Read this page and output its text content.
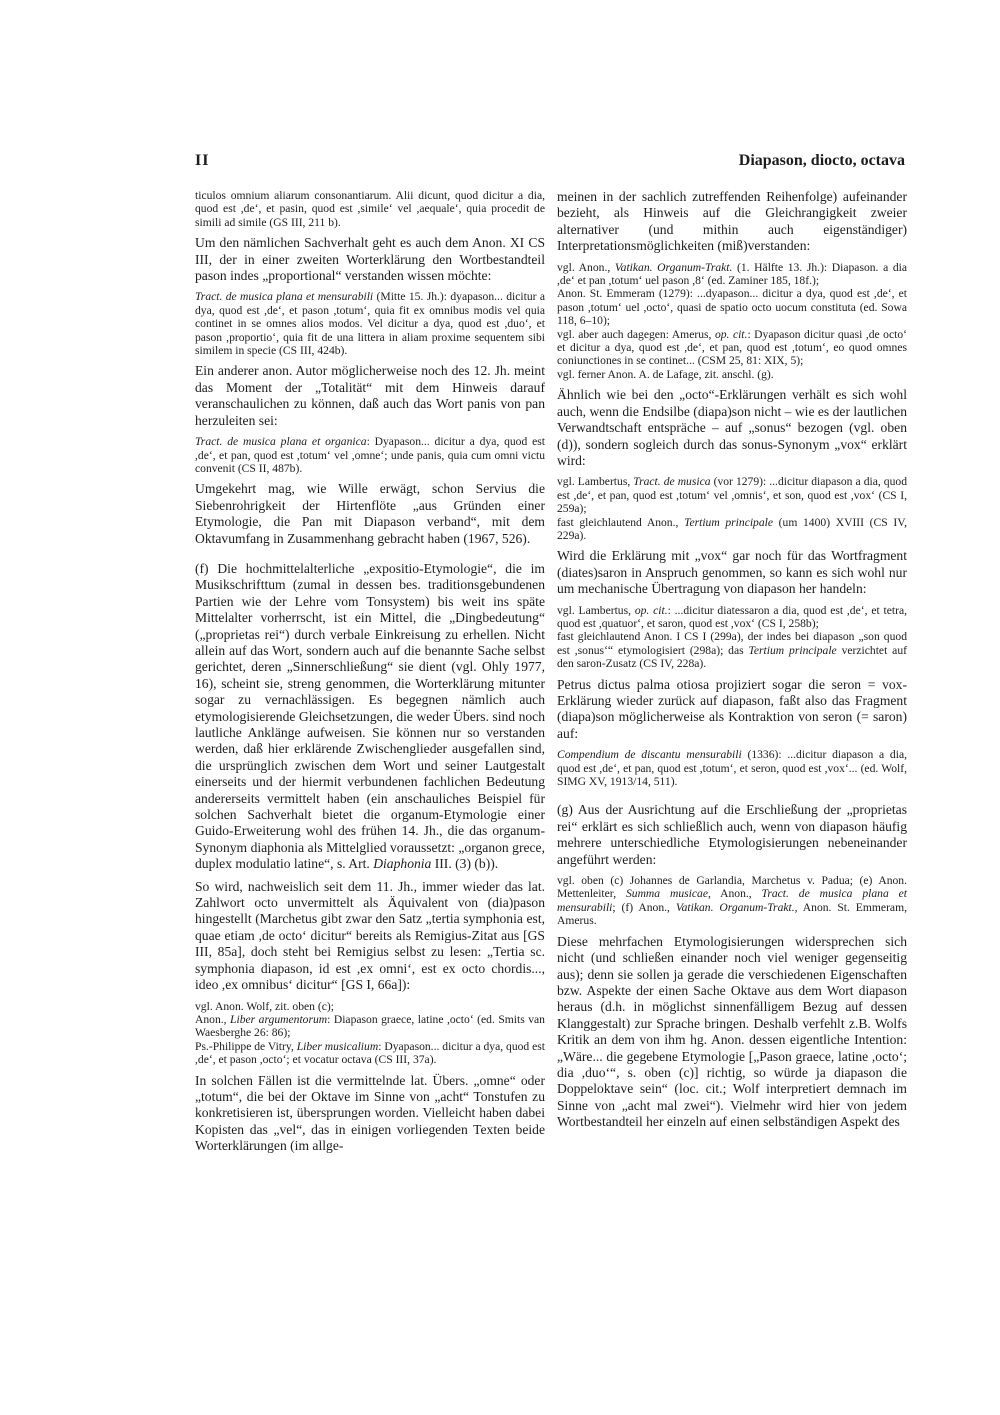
II	Diapason, diocto, octava

ticulos omnium aliarum consonantiarum. Alii dicunt, quod dicitur a dia, quod est ,de‘, et pasin, quod est ,simile‘ vel ,aequale‘, quia procedit de simili ad simile (GS III, 211 b).

Um den nämlichen Sachverhalt geht es auch dem Anon. XI CS III, der in einer zweiten Worterklärung den Wortbestandteil pason indes „proportional“ verstanden wissen möchte:

Tract. de musica plana et mensurabili (Mitte 15. Jh.): dyapason... dicitur a dya, quod est ,de‘, et pason ,totum‘, quia fit ex omnibus modis vel quia continet in se omnes alios modos. Vel dicitur a dya, quod est ,duo‘, et pason ,proportio‘, quia fit de una littera in aliam proxime sequentem sibi similem in specie (CS III, 424b).

Ein anderer anon. Autor möglicherweise noch des 12. Jh. meint das Moment der „Totalität“ mit dem Hinweis darauf veranschaulichen zu können, daß auch das Wort panis von pan herzuleiten sei:

Tract. de musica plana et organica: Dyapason... dicitur a dya, quod est ,de‘, et pan, quod est ,totum‘ vel ,omne‘; unde panis, quia cum omni victu convenit (CS II, 487b).

Umgekehrt mag, wie Wille erwägt, schon Servius die Siebenrohrigkeit der Hirtenflöte „aus Gründen einer Etymologie, die Pan mit Diapason verband“, mit dem Oktavumfang in Zusammenhang gebracht haben (1967, 526).

(f) Die hochmittelalterliche „expositio-Etymologie“, die im Musikschrifttum (zumal in dessen bes. traditionsgebundenen Partien wie der Lehre vom Tonsystem) bis weit ins späte Mittelalter vorherrscht, ist ein Mittel, die „Dingbedeutung“ („proprietas rei“) durch verbale Einkreisung zu erhellen. Nicht allein auf das Wort, sondern auch auf die benannte Sache selbst gerichtet, deren „Sinnerschließung“ sie dient (vgl. Ohly 1977, 16), scheint sie, streng genommen, die Worterklärung mitunter sogar zu vernachlässigen. Es begegnen nämlich auch etymologisierende Gleichsetzungen, die weder Übers. sind noch lautliche Anklänge aufweisen. Sie können nur so verstanden werden, daß hier erklärende Zwischenglieder ausgefallen sind, die ursprünglich zwischen dem Wort und seiner Lautgestalt einerseits und der hiermit verbundenen fachlichen Bedeutung andererseits vermittelt haben (ein anschauliches Beispiel für solchen Sachverhalt bietet die organum-Etymologie einer Guido-Erweiterung wohl des frühen 14. Jh., die das organum-Synonym diaphonia als Mittelglied voraussetzt: „organon grece, duplex modulatio latine“, s. Art. Diaphonia III. (3) (b)).

So wird, nachweislich seit dem 11. Jh., immer wieder das lat. Zahlwort octo unvermittelt als Äquivalent von (dia)pason hingestellt (Marchetus gibt zwar den Satz „tertia symphonia est, quae etiam ,de octo‘ dicitur“ bereits als Remigius-Zitat aus [GS III, 85a], doch steht bei Remigius selbst zu lesen: „Tertia sc. symphonia diapason, id est ,ex omni‘, est ex octo chordis..., ideo ,ex omnibus‘ dicitur“ [GS I, 66a]):

vgl. Anon. Wolf, zit. oben (c);

Anon., Liber argumentorum: Diapason graece, latine ,octo‘ (ed. Smits van Waesberghe 26: 86);

Ps.-Philippe de Vitry, Liber musicalium: Dyapason... dicitur a dya, quod est ,de‘, et pason ,octo‘; et vocatur octava (CS III, 37a).

In solchen Fällen ist die vermittelnde lat. Übers. „omne“ oder „totum“, die bei der Oktave im Sinne von „acht“ Tonstufen zu konkretisieren ist, übersprungen worden. Vielleicht haben dabei Kopisten das „vel“, das in einigen vorliegenden Texten beide Worterklärungen (im allge-

meinen in der sachlich zutreffenden Reihenfolge) aufeinander bezieht, als Hinweis auf die Gleichrangigkeit zweier alternativer (und mithin auch eigenständiger) Interpretationsmöglichkeiten (miß)verstanden:

vgl. Anon., Vatikan. Organum-Trakt. (1. Hälfte 13. Jh.): Diapason. a dia ,de‘ et pan ,totum‘ uel pason ,8‘ (ed. Zaminer 185, 18f.);

Anon. St. Emmeram (1279): ...dyapason... dicitur a dya, quod est ,de‘, et pason ,totum‘ uel ,octo‘, quasi de spatio octo uocum constituta (ed. Sowa 118, 6–10);

vgl. aber auch dagegen: Amerus, op. cit.: Dyapason dicitur quasi ,de octo‘ et dicitur a dya, quod est ,de‘, et pan, quod est ,totum‘, eo quod omnes coniunctiones in se continet... (CSM 25, 81: XIX, 5);

vgl. ferner Anon. A. de Lafage, zit. anschl. (g).

Ähnlich wie bei den „octo“-Erklärungen verhält es sich wohl auch, wenn die Endsilbe (diapa)son nicht – wie es der lautlichen Verwandtschaft entspräche – auf „sonus“ bezogen (vgl. oben (d)), sondern sogleich durch das sonus-Synonym „vox“ erklärt wird:

vgl. Lambertus, Tract. de musica (vor 1279): ...dicitur diapason a dia, quod est ,de‘, et pan, quod est ,totum‘ vel ,omnis‘, et son, quod est ,vox‘ (CS I, 259a);

fast gleichlautend Anon., Tertium principale (um 1400) XVIII (CS IV, 229a).

Wird die Erklärung mit „vox“ gar noch für das Wortfragment (diates)saron in Anspruch genommen, so kann es sich wohl nur um mechanische Übertragung von diapason her handeln:

vgl. Lambertus, op. cit.: ...dicitur diatessaron a dia, quod est ,de‘, et tetra, quod est ,quatuor‘, et saron, quod est ,vox‘ (CS I, 258b);

fast gleichlautend Anon. I CS I (299a), der indes bei diapason „son quod est ,sonus‘“ etymologisiert (298a); das Tertium principale verzichtet auf den saron-Zusatz (CS IV, 228a).

Petrus dictus palma otiosa projiziert sogar die seron = vox-Erklärung wieder zurück auf diapason, faßt also das Fragment (diapa)son möglicherweise als Kontraktion von seron (= saron) auf:

Compendium de discantu mensurabili (1336): ...dicitur diapason a dia, quod est ,de‘, et pan, quod est ,totum‘, et seron, quod est ,vox‘... (ed. Wolf, SIMG XV, 1913/14, 511).

(g) Aus der Ausrichtung auf die Erschließung der „proprietas rei“ erklärt es sich schließlich auch, wenn von diapason häufig mehrere unterschiedliche Etymologisierungen nebeneinander angeführt werden:

vgl. oben (c) Johannes de Garlandia, Marchetus v. Padua; (e) Anon. Mettenleiter, Summa musicae, Anon., Tract. de musica plana et mensurabili; (f) Anon., Vatikan. Organum-Trakt., Anon. St. Emmeram, Amerus.

Diese mehrfachen Etymologisierungen widersprechen sich nicht (und schließen einander noch viel weniger gegenseitig aus); denn sie sollen ja gerade die verschiedenen Eigenschaften bzw. Aspekte der einen Sache Oktave aus dem Wort diapason heraus (d.h. in möglichst sinnenfälligem Bezug auf dessen Klanggestalt) zur Sprache bringen. Deshalb verfehlt z.B. Wolfs Kritik an dem von ihm hg. Anon. dessen eigentliche Intention: „Wäre... die gegebene Etymologie [„Pason graece, latine ,octo‘; dia ,duo‘“, s. oben (c)] richtig, so würde ja diapason die Doppeloktave sein“ (loc. cit.; Wolf interpretiert demnach im Sinne von „acht mal zwei“). Vielmehr wird hier von jedem Wortbestandteil her einzeln auf einen selbständigen Aspekt des
